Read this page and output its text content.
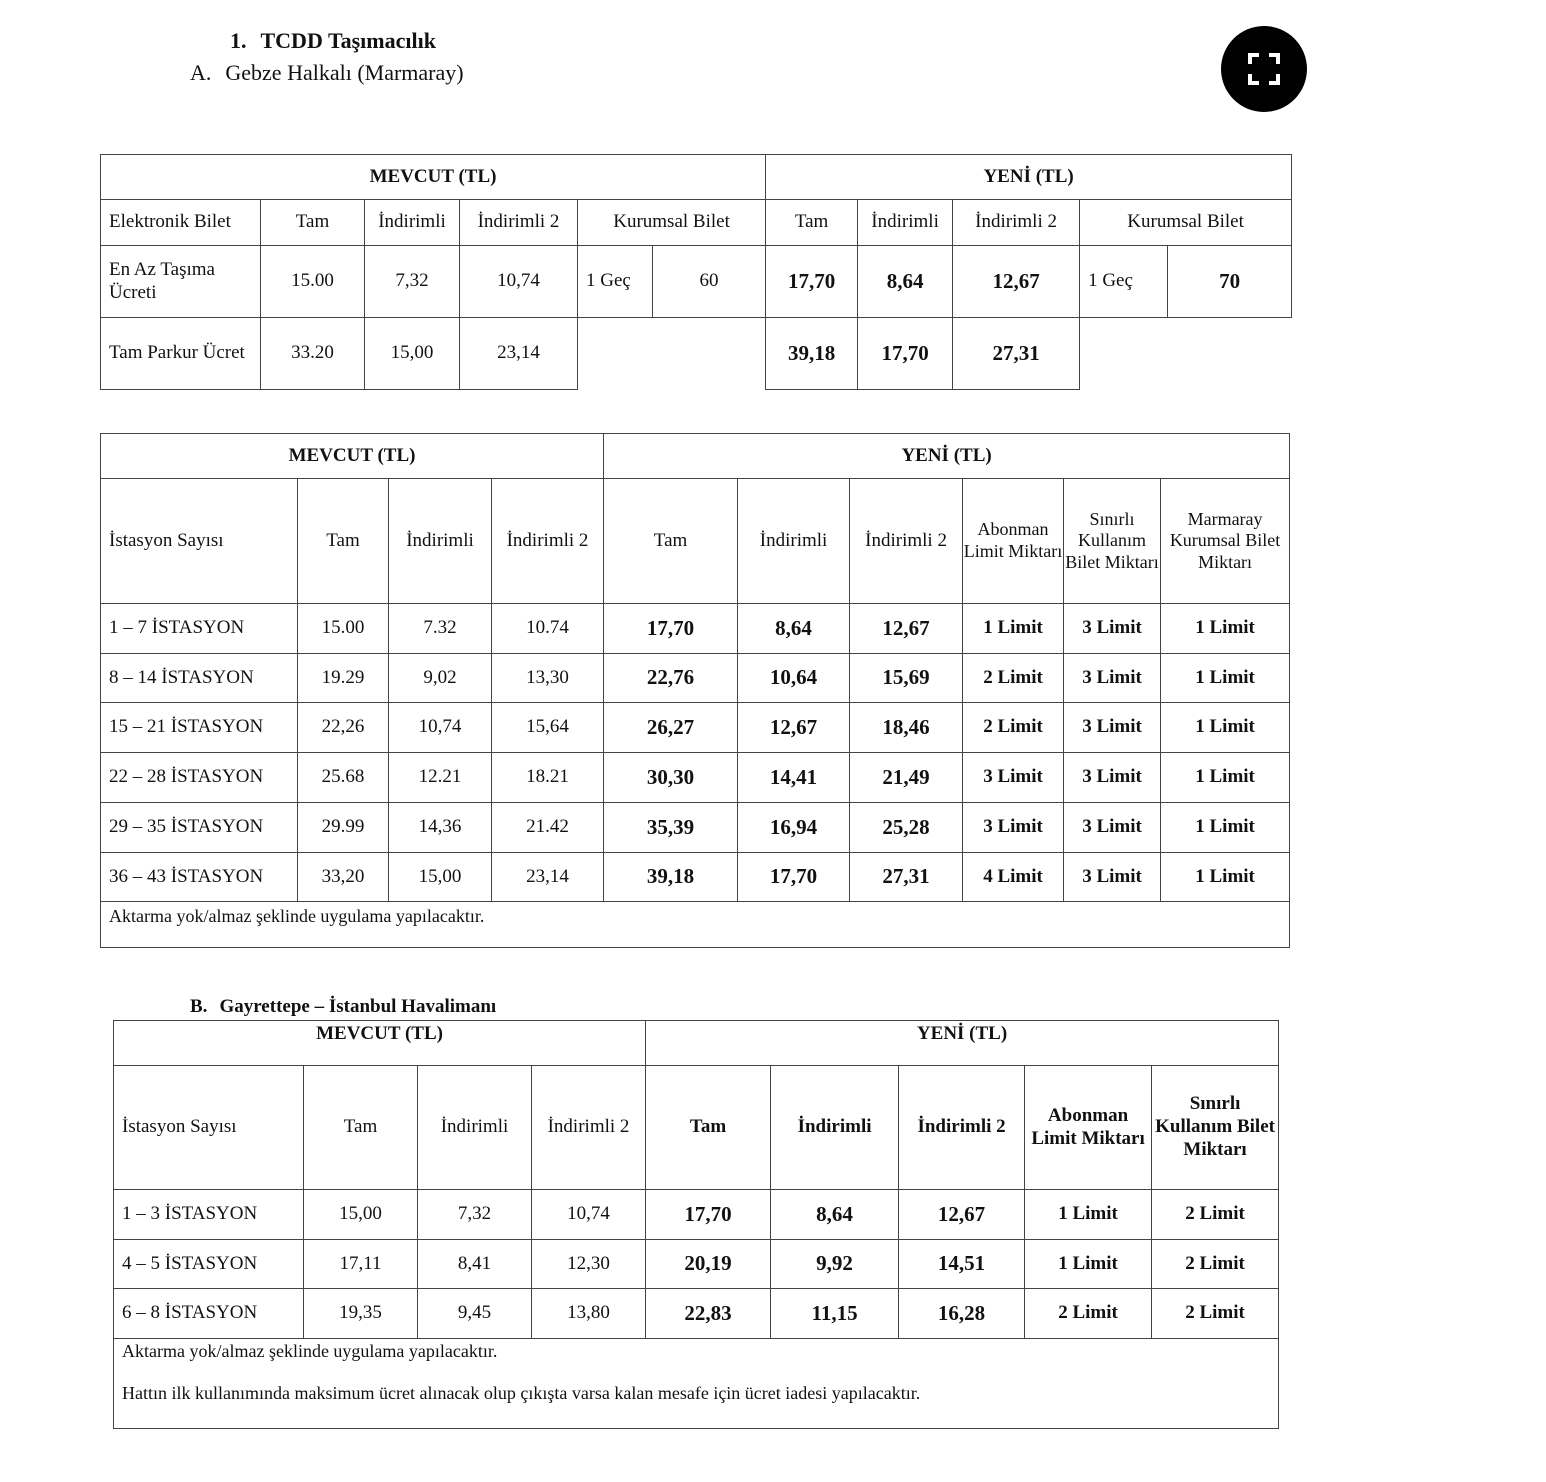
1. TCDD Taşımacılık
A. Gebze Halkalı (Marmaray)
MEVCUT (TL)						YENİ (TL)				
Elektronik Bilet	Tam	İndirimli	İndirimli 2	Kurumsal Bilet		Tam	İndirimli	İndirimli 2	Kurumsal Bilet	
En Az Taşıma Ücreti	15.00	7,32	10,74	1 Geç	60	17,70	8,64	12,67	1 Geç	70
Tam Parkur Ücret	33.20	15,00	23,14			39,18	17,70	27,31		
MEVCUT (TL)				YENİ (TL)					
İstasyon Sayısı	Tam	İndirimli	İndirimli 2	Tam	İndirimli	İndirimli 2	Abonman Limit Miktarı	Sınırlı Kullanım Bilet Miktarı	Marmaray Kurumsal Bilet Miktarı
1 – 7 İSTASYON	15.00	7.32	10.74	17,70	8,64	12,67	1 Limit	3 Limit	1 Limit
8 – 14 İSTASYON	19.29	9,02	13,30	22,76	10,64	15,69	2 Limit	3 Limit	1 Limit
15 – 21 İSTASYON	22,26	10,74	15,64	26,27	12,67	18,46	2 Limit	3 Limit	1 Limit
22 – 28 İSTASYON	25.68	12.21	18.21	30,30	14,41	21,49	3 Limit	3 Limit	1 Limit
29 – 35 İSTASYON	29.99	14,36	21.42	35,39	16,94	25,28	3 Limit	3 Limit	1 Limit
36 – 43 İSTASYON	33,20	15,00	23,14	39,18	17,70	27,31	4 Limit	3 Limit	1 Limit
Aktarma yok/almaz şeklinde uygulama yapılacaktır.									
B. Gayrettepe – İstanbul Havalimanı
MEVCUT (TL)				YENİ (TL)				
İstasyon Sayısı	Tam	İndirimli	İndirimli 2	Tam	İndirimli	İndirimli 2	Abonman Limit Miktarı	Sınırlı Kullanım Bilet Miktarı
1 – 3 İSTASYON	15,00	7,32	10,74	17,70	8,64	12,67	1 Limit	2 Limit
4 – 5 İSTASYON	17,11	8,41	12,30	20,19	9,92	14,51	1 Limit	2 Limit
6 – 8 İSTASYON	19,35	9,45	13,80	22,83	11,15	16,28	2 Limit	2 Limit

Aktarma yok/almaz şeklinde uygulama yapılacaktır.
Hattın ilk kullanımında maksimum ücret alınacak olup çıkışta varsa kalan mesafe için ücret iadesi yapılacaktır.								
